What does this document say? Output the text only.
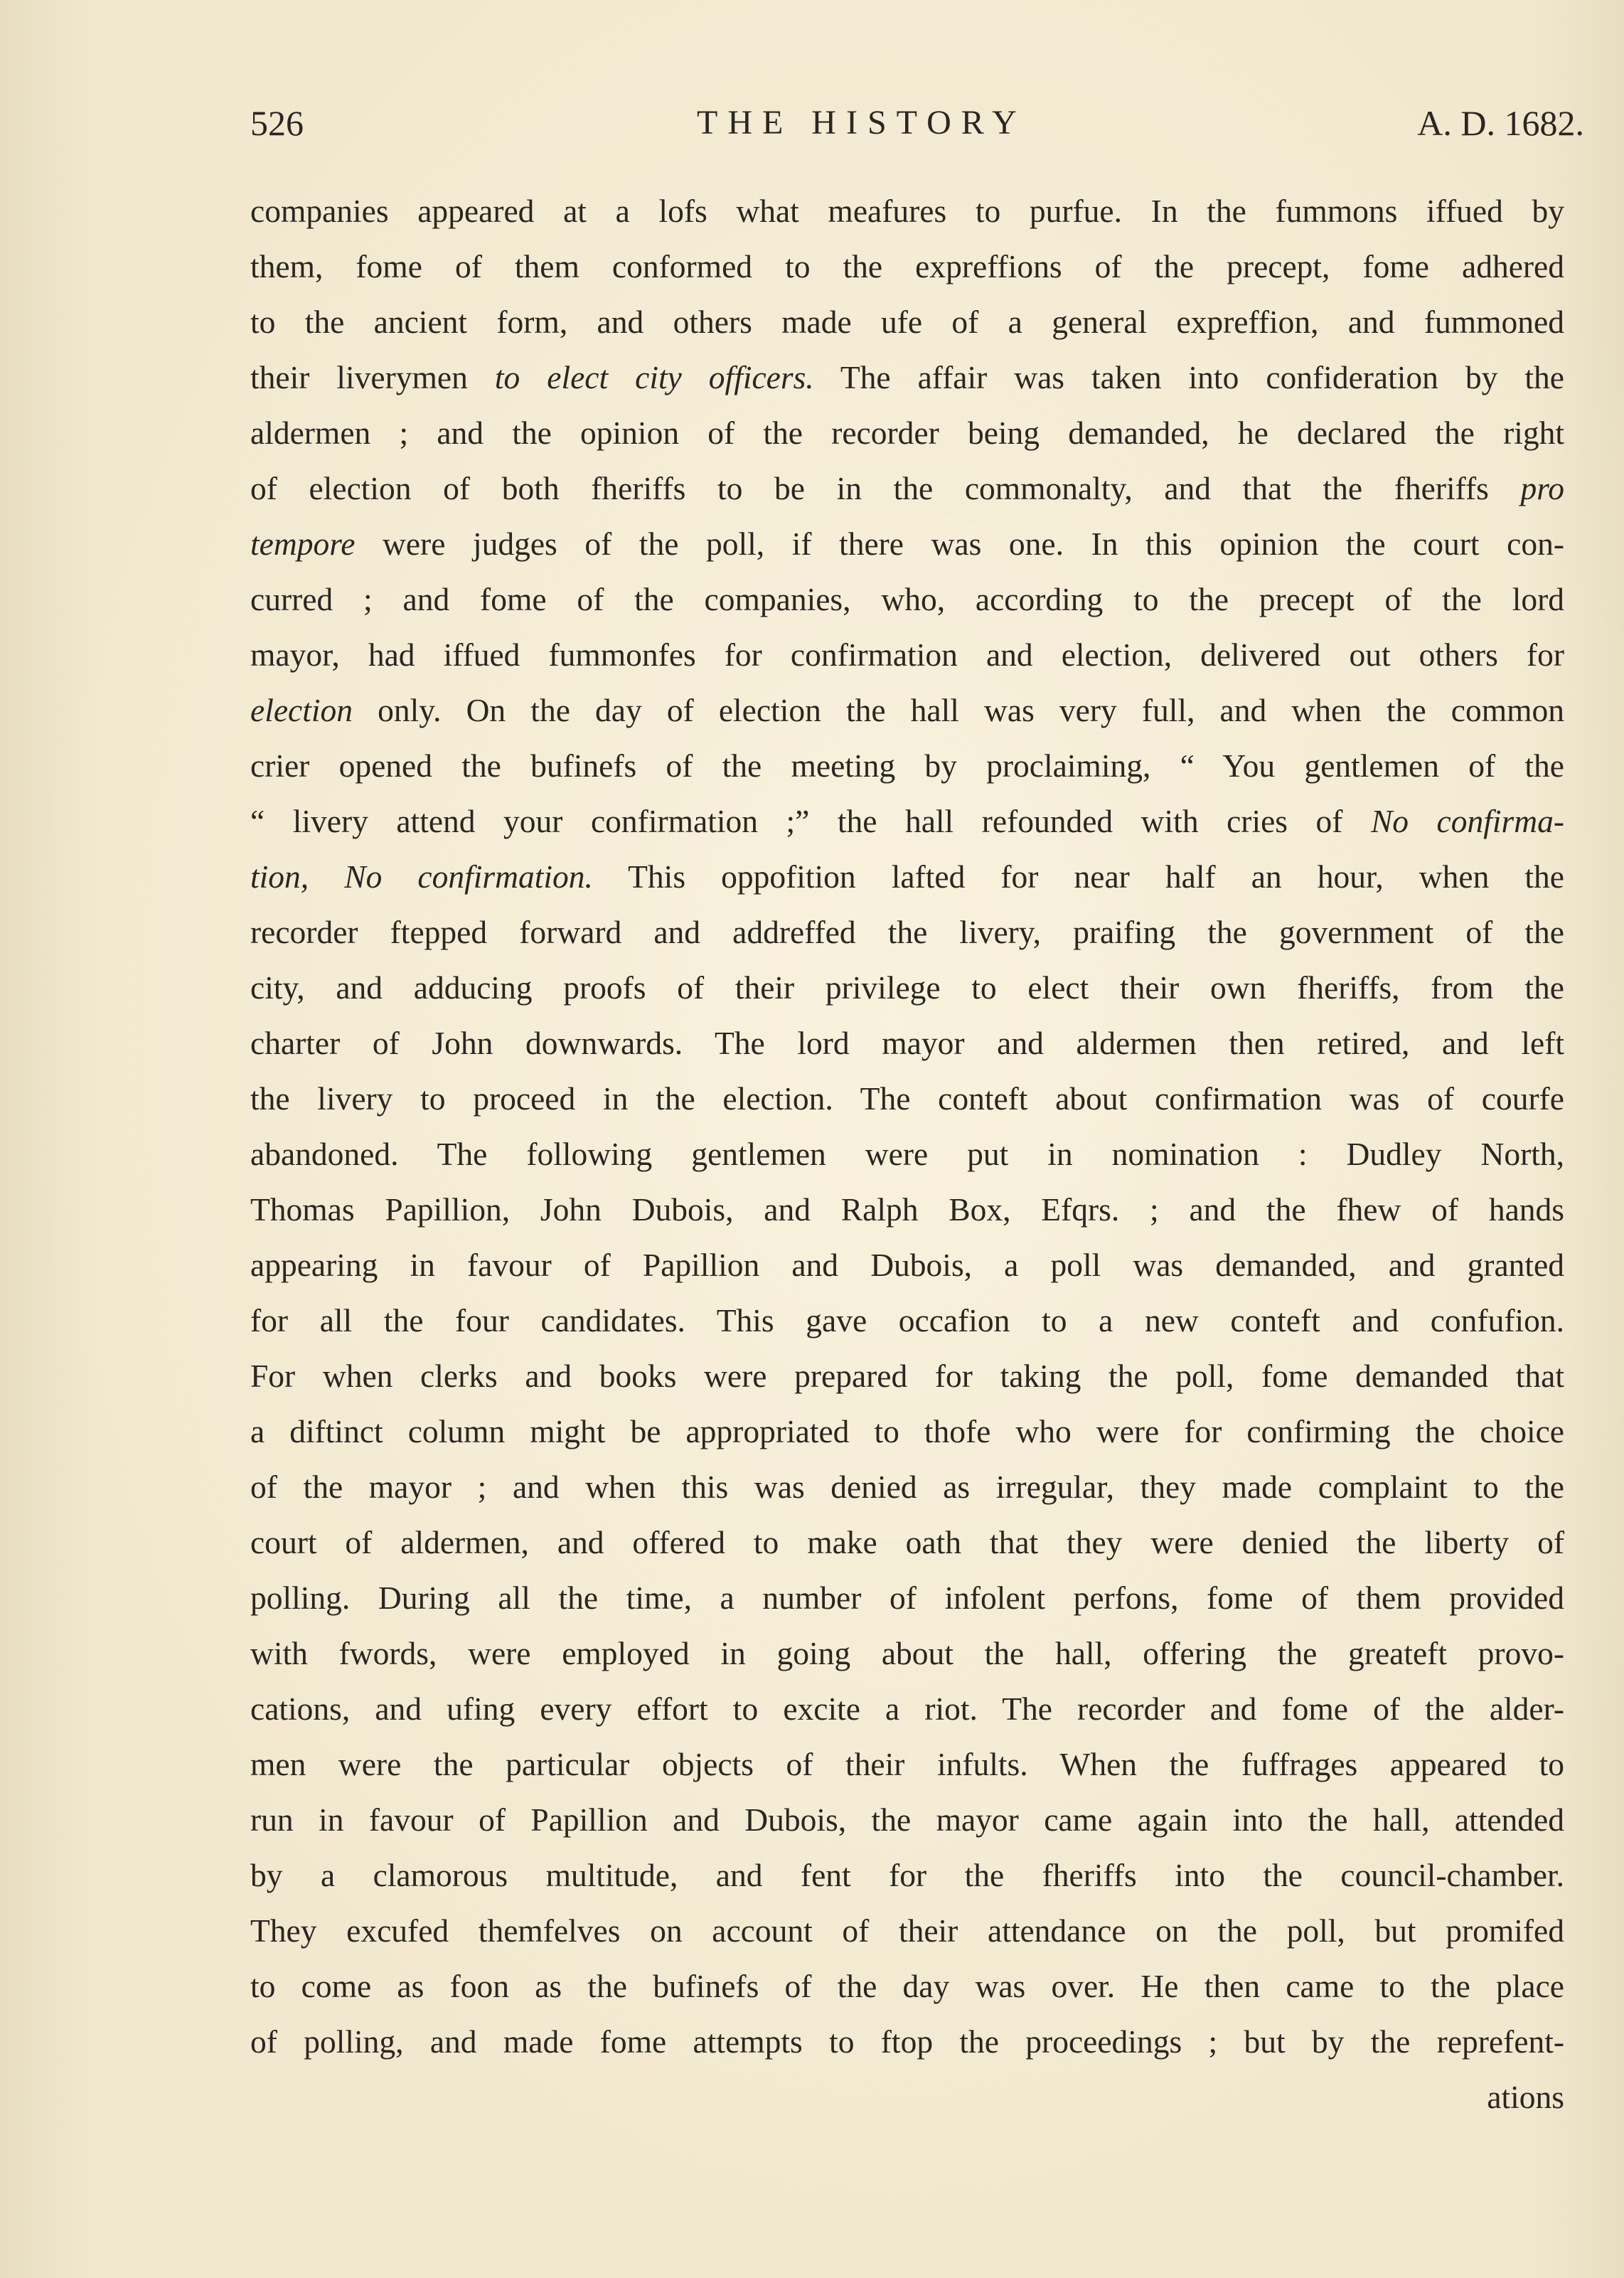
526	THE HISTORY	A. D. 1682.
companies appeared at a lofs what meafures to purfue. In the fummons iffued by
them, fome of them conformed to the expreffions of the precept, fome adhered
to the ancient form, and others made ufe of a general expreffion, and fummoned
their liverymen to elect city officers. The affair was taken into confideration by the
aldermen ; and the opinion of the recorder being demanded, he declared the right
of election of both fheriffs to be in the commonalty, and that the fheriffs pro
tempore were judges of the poll, if there was one. In this opinion the court con-
curred ; and fome of the companies, who, according to the precept of the lord
mayor, had iffued fummonfes for confirmation and election, delivered out others for
election only. On the day of election the hall was very full, and when the common
crier opened the bufinefs of the meeting by proclaiming, “ You gentlemen of the
“ livery attend your confirmation ;” the hall refounded with cries of No confirma-
tion, No confirmation. This oppofition lafted for near half an hour, when the
recorder ftepped forward and addreffed the livery, praifing the government of the
city, and adducing proofs of their privilege to elect their own fheriffs, from the
charter of John downwards. The lord mayor and aldermen then retired, and left
the livery to proceed in the election. The conteft about confirmation was of courfe
abandoned. The following gentlemen were put in nomination : Dudley North,
Thomas Papillion, John Dubois, and Ralph Box, Efqrs. ; and the fhew of hands
appearing in favour of Papillion and Dubois, a poll was demanded, and granted
for all the four candidates. This gave occafion to a new conteft and confufion.
For when clerks and books were prepared for taking the poll, fome demanded that
a diftinct column might be appropriated to thofe who were for confirming the choice
of the mayor ; and when this was denied as irregular, they made complaint to the
court of aldermen, and offered to make oath that they were denied the liberty of
polling. During all the time, a number of infolent perfons, fome of them provided
with fwords, were employed in going about the hall, offering the greateft provo-
cations, and ufing every effort to excite a riot. The recorder and fome of the alder-
men were the particular objects of their infults. When the fuffrages appeared to
run in favour of Papillion and Dubois, the mayor came again into the hall, attended
by a clamorous multitude, and fent for the fheriffs into the council-chamber.
They excufed themfelves on account of their attendance on the poll, but promifed
to come as foon as the bufinefs of the day was over. He then came to the place
of polling, and made fome attempts to ftop the proceedings ; but by the reprefent-
ations
